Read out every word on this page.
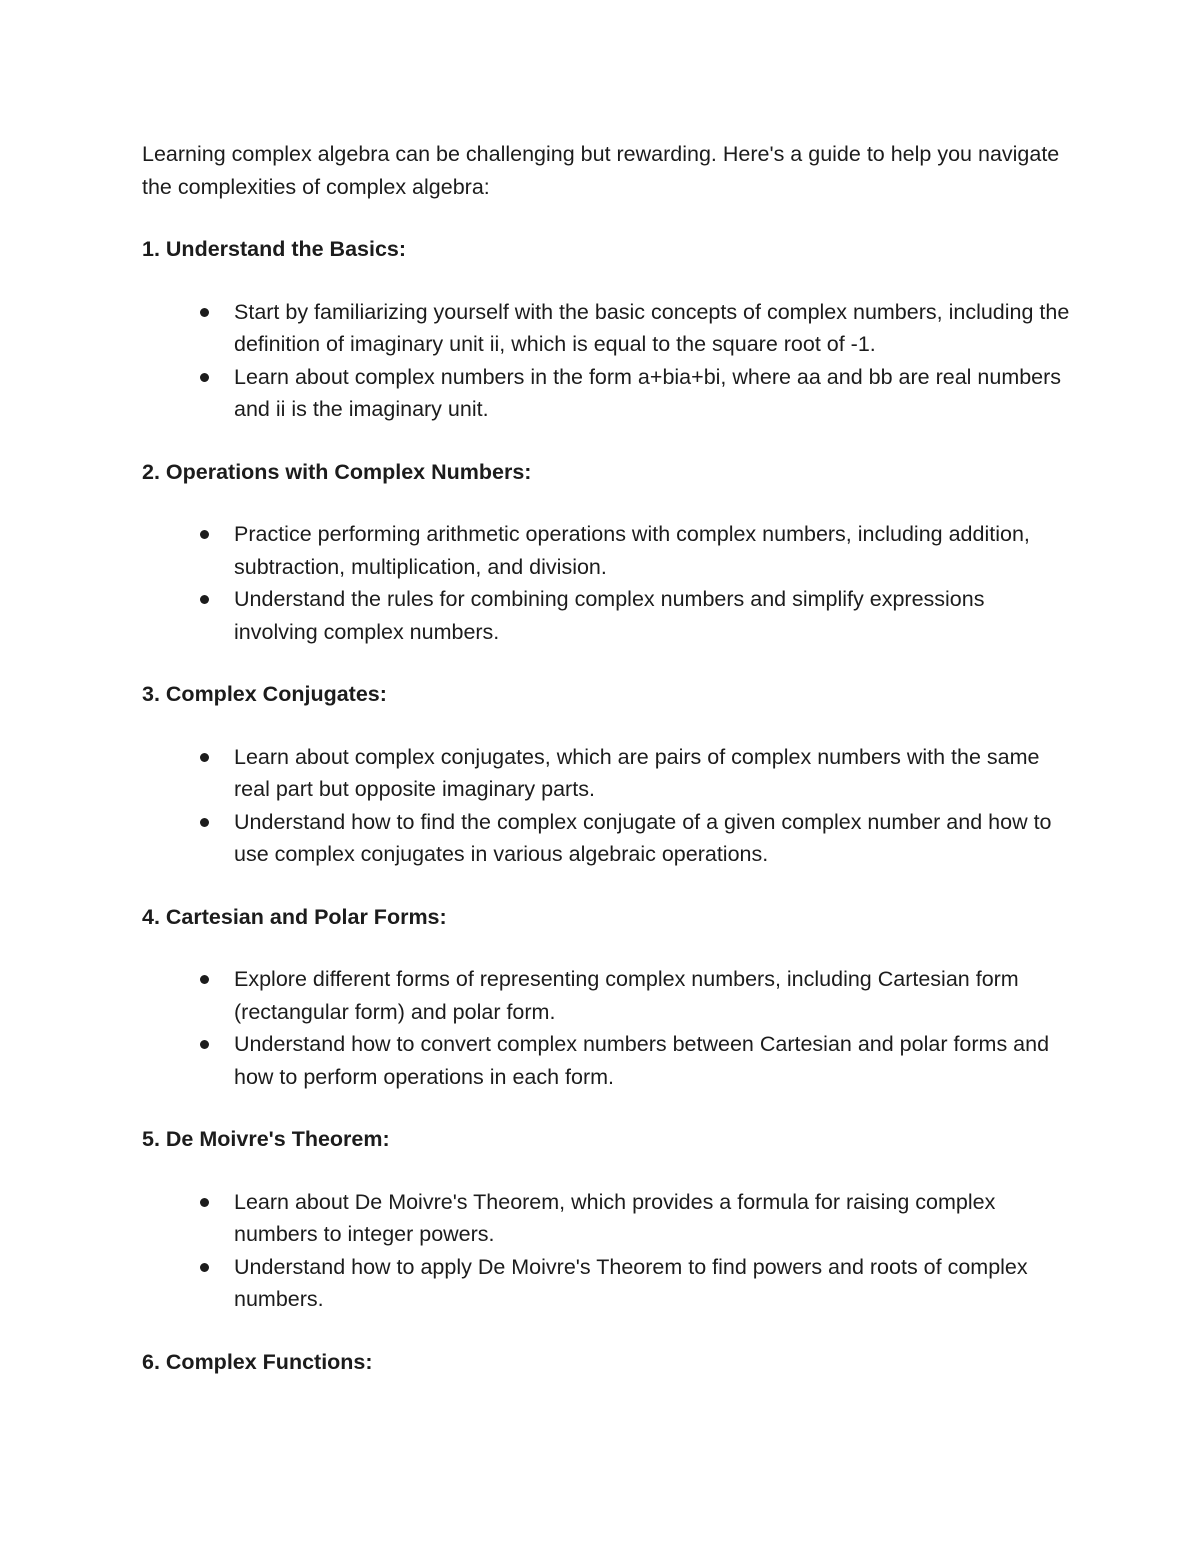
Learning complex algebra can be challenging but rewarding. Here's a guide to help you navigate the complexities of complex algebra:

1. Understand the Basics:

Start by familiarizing yourself with the basic concepts of complex numbers, including the definition of imaginary unit ii, which is equal to the square root of -1.
Learn about complex numbers in the form a+bia+bi, where aa and bb are real numbers and ii is the imaginary unit.

2. Operations with Complex Numbers:

Practice performing arithmetic operations with complex numbers, including addition, subtraction, multiplication, and division.
Understand the rules for combining complex numbers and simplify expressions involving complex numbers.

3. Complex Conjugates:

Learn about complex conjugates, which are pairs of complex numbers with the same real part but opposite imaginary parts.
Understand how to find the complex conjugate of a given complex number and how to use complex conjugates in various algebraic operations.

4. Cartesian and Polar Forms:

Explore different forms of representing complex numbers, including Cartesian form (rectangular form) and polar form.
Understand how to convert complex numbers between Cartesian and polar forms and how to perform operations in each form.

5. De Moivre's Theorem:

Learn about De Moivre's Theorem, which provides a formula for raising complex numbers to integer powers.
Understand how to apply De Moivre's Theorem to find powers and roots of complex numbers.

6. Complex Functions:
